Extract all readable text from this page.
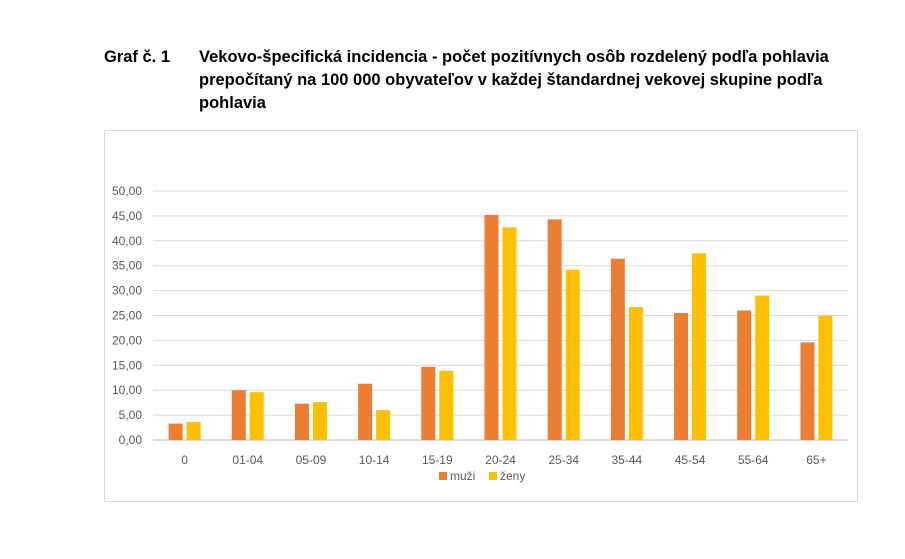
Graf č. 1 Vekovo-špecifická incidencia - počet pozitívnych osôb rozdelený podľa pohlavia prepočítaný na 100 000 obyvateľov v každej štandardnej vekovej skupine podľa pohlavia
0,00
5,00
10,00
15,00
20,00
25,00
30,00
35,00
40,00
45,00
50,00
0	01-04	05-09	10-14	15-19	20-24	25-34	35-44	45-54	55-64	65+
muži ženy
